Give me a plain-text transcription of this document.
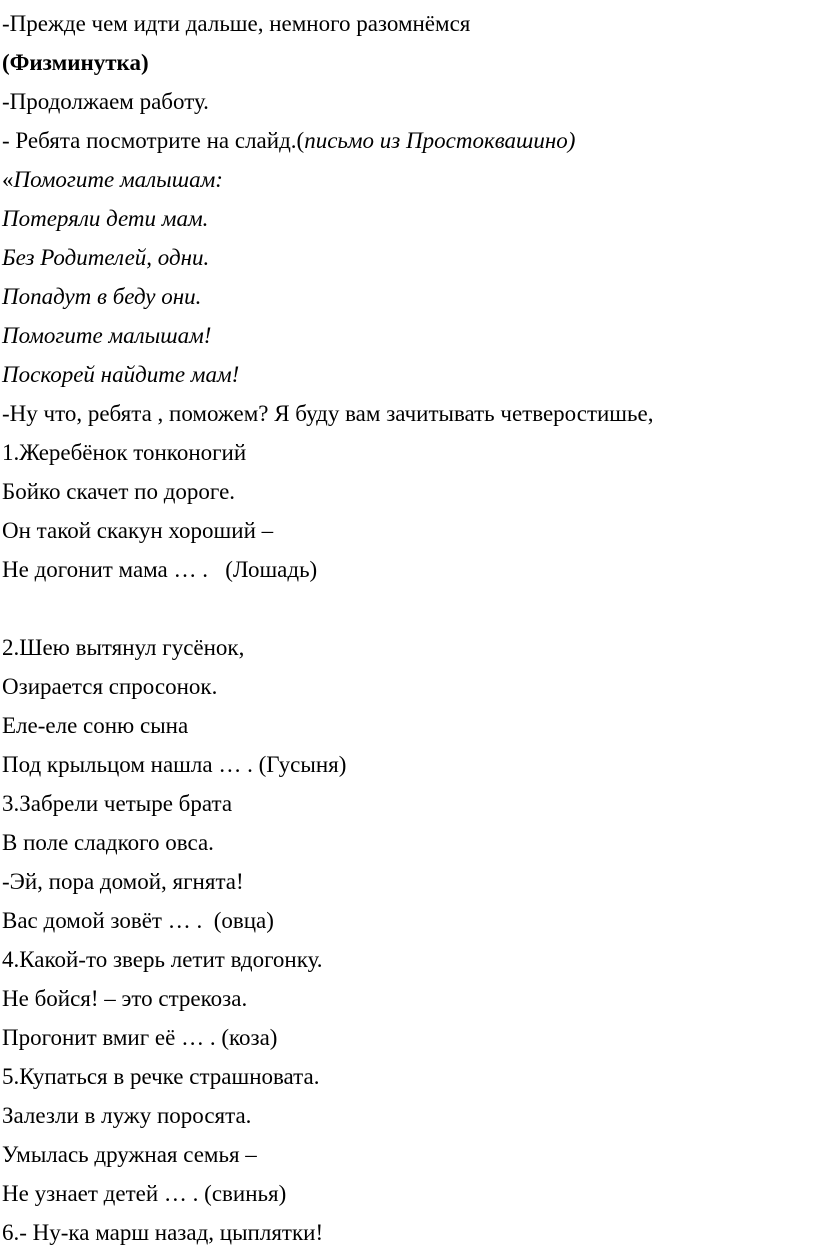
-Прежде чем идти дальше, немного разомнёмся

(Физминутка)

-Продолжаем работу.

- Ребята посмотрите на слайд.(письмо из Простоквашино)

«Помогите малышам:

Потеряли дети мам.

Без Родителей, одни.

Попадут в беду они.

Помогите малышам!

Поскорей найдите мам!

-Ну что, ребята , поможем? Я буду вам зачитывать четверостишье,

1.Жеребёнок тонконогий

Бойко скачет по дороге.

Он такой скакун хороший –

Не догонит мама … .   (Лошадь)

2.Шею вытянул гусёнок,

Озирается спросонок.

Еле-еле соню сына

Под крыльцом нашла … . (Гусыня)

3.Забрели четыре брата

В поле сладкого овса.

-Эй, пора домой, ягнята!

Вас домой зовёт … .  (овца)

4.Какой-то зверь летит вдогонку.

Не бойся! – это стрекоза.

Прогонит вмиг её … . (коза)

5.Купаться в речке страшновата.

Залезли в лужу поросята.

Умылась дружная семья –

Не узнает детей … . (свинья)

6.- Ну-ка марш назад, цыплятки!
